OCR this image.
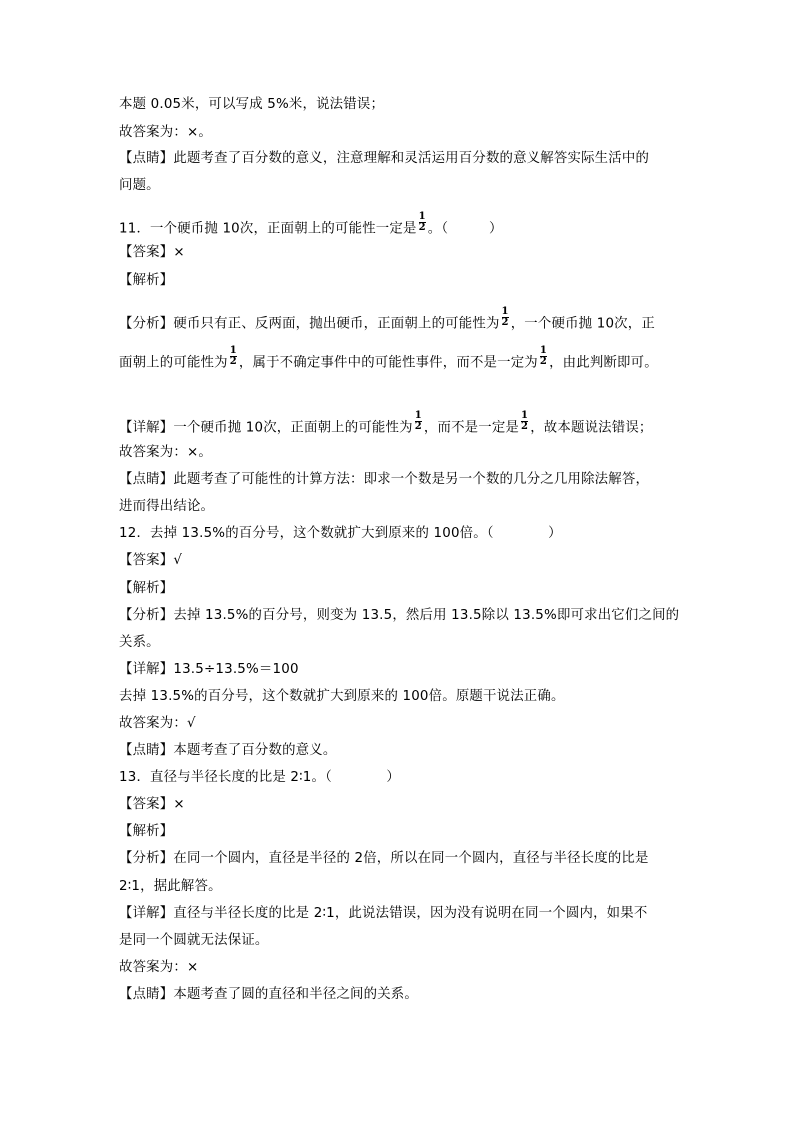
本题 0.05米，可以写成 5%米，说法错误；
故答案为：×。
【点睛】此题考查了百分数的意义，注意理解和灵活运用百分数的意义解答实际生活中的
问题。
11．一个硬币抛 10次，正面朝上的可能性一定是 $\frac{1}{2}$ 。（　　　）
【答案】×
【解析】
【分析】硬币只有正、反两面，抛出硬币，正面朝上的可能性为 $\frac{1}{2}$ ，一个硬币抛 10次，正
面朝上的可能性为 $\frac{1}{2}$ ，属于不确定事件中的可能性事件，而不是一定为 $\frac{1}{2}$ ，由此判断即可。
【详解】一个硬币抛 10次，正面朝上的可能性为 $\frac{1}{2}$ ，而不是一定是 $\frac{1}{2}$ ，故本题说法错误；
故答案为：×。
【点睛】此题考查了可能性的计算方法：即求一个数是另一个数的几分之几用除法解答，
进而得出结论。
12．去掉 13.5%的百分号，这个数就扩大到原来的 100倍。（　　　　）
【答案】√
【解析】
【分析】去掉 13.5%的百分号，则变为 13.5，然后用 13.5除以 13.5%即可求出它们之间的
关系。
【详解】13.5÷13.5%＝100
去掉 13.5%的百分号，这个数就扩大到原来的 100倍。原题干说法正确。
故答案为：√
【点睛】本题考查了百分数的意义。
13．直径与半径长度的比是 2∶1。（　　　　）
【答案】×
【解析】
【分析】在同一个圆内，直径是半径的 2倍，所以在同一个圆内，直径与半径长度的比是
2∶1，据此解答。
【详解】直径与半径长度的比是 2∶1，此说法错误，因为没有说明在同一个圆内，如果不
是同一个圆就无法保证。
故答案为：×
【点睛】本题考查了圆的直径和半径之间的关系。
